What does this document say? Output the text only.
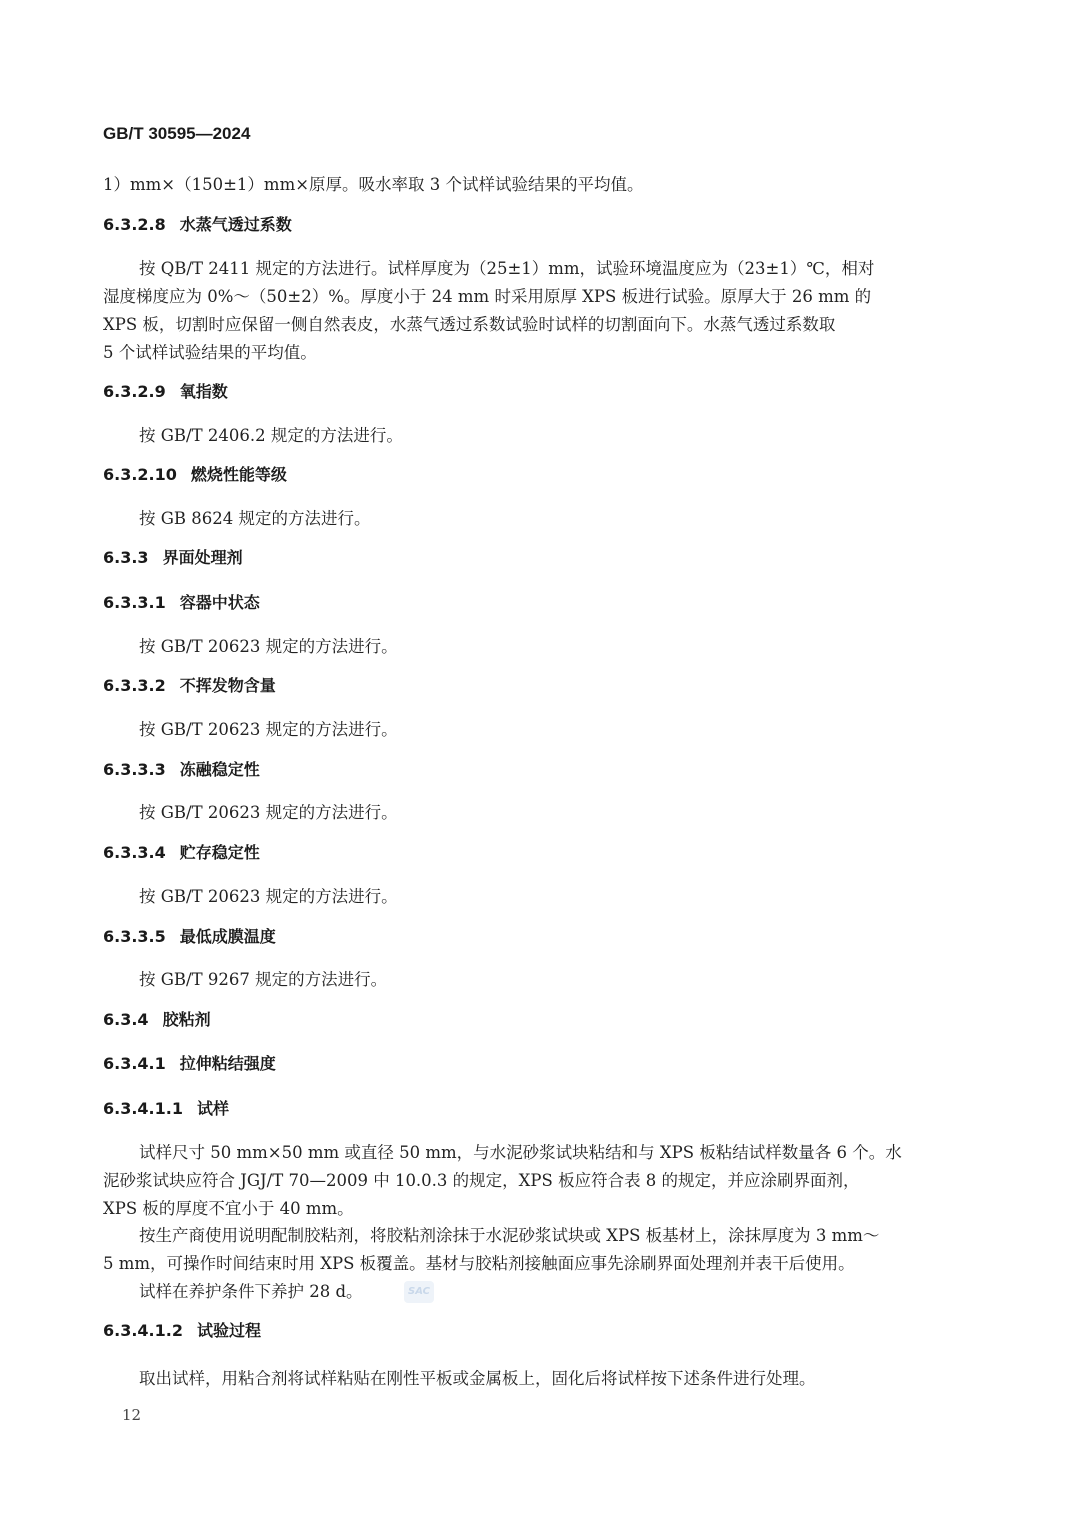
GB/T 30595—2024
1）mm×（150±1）mm×原厚。吸水率取 3 个试样试验结果的平均值。
6.3.2.8 水蒸气透过系数
按 QB/T 2411 规定的方法进行。试样厚度为（25±1）mm，试验环境温度应为（23±1）℃，相对
湿度梯度应为 0%～（50±2）%。厚度小于 24 mm 时采用原厚 XPS 板进行试验。原厚大于 26 mm 的
XPS 板，切割时应保留一侧自然表皮，水蒸气透过系数试验时试样的切割面向下。水蒸气透过系数取
5 个试样试验结果的平均值。
6.3.2.9 氧指数
按 GB/T 2406.2 规定的方法进行。
6.3.2.10 燃烧性能等级
按 GB 8624 规定的方法进行。
6.3.3 界面处理剂
6.3.3.1 容器中状态
按 GB/T 20623 规定的方法进行。
6.3.3.2 不挥发物含量
按 GB/T 20623 规定的方法进行。
6.3.3.3 冻融稳定性
按 GB/T 20623 规定的方法进行。
6.3.3.4 贮存稳定性
按 GB/T 20623 规定的方法进行。
6.3.3.5 最低成膜温度
按 GB/T 9267 规定的方法进行。
6.3.4 胶粘剂
6.3.4.1 拉伸粘结强度
6.3.4.1.1 试样
试样尺寸 50 mm×50 mm 或直径 50 mm，与水泥砂浆试块粘结和与 XPS 板粘结试样数量各 6 个。水
泥砂浆试块应符合 JGJ/T 70—2009 中 10.0.3 的规定，XPS 板应符合表 8 的规定，并应涂刷界面剂，
XPS 板的厚度不宜小于 40 mm。
按生产商使用说明配制胶粘剂，将胶粘剂涂抹于水泥砂浆试块或 XPS 板基材上，涂抹厚度为 3 mm～
5 mm，可操作时间结束时用 XPS 板覆盖。基材与胶粘剂接触面应事先涂刷界面处理剂并表干后使用。
试样在养护条件下养护 28 d。	SAC
6.3.4.1.2 试验过程
取出试样，用粘合剂将试样粘贴在刚性平板或金属板上，固化后将试样按下述条件进行处理。
12
